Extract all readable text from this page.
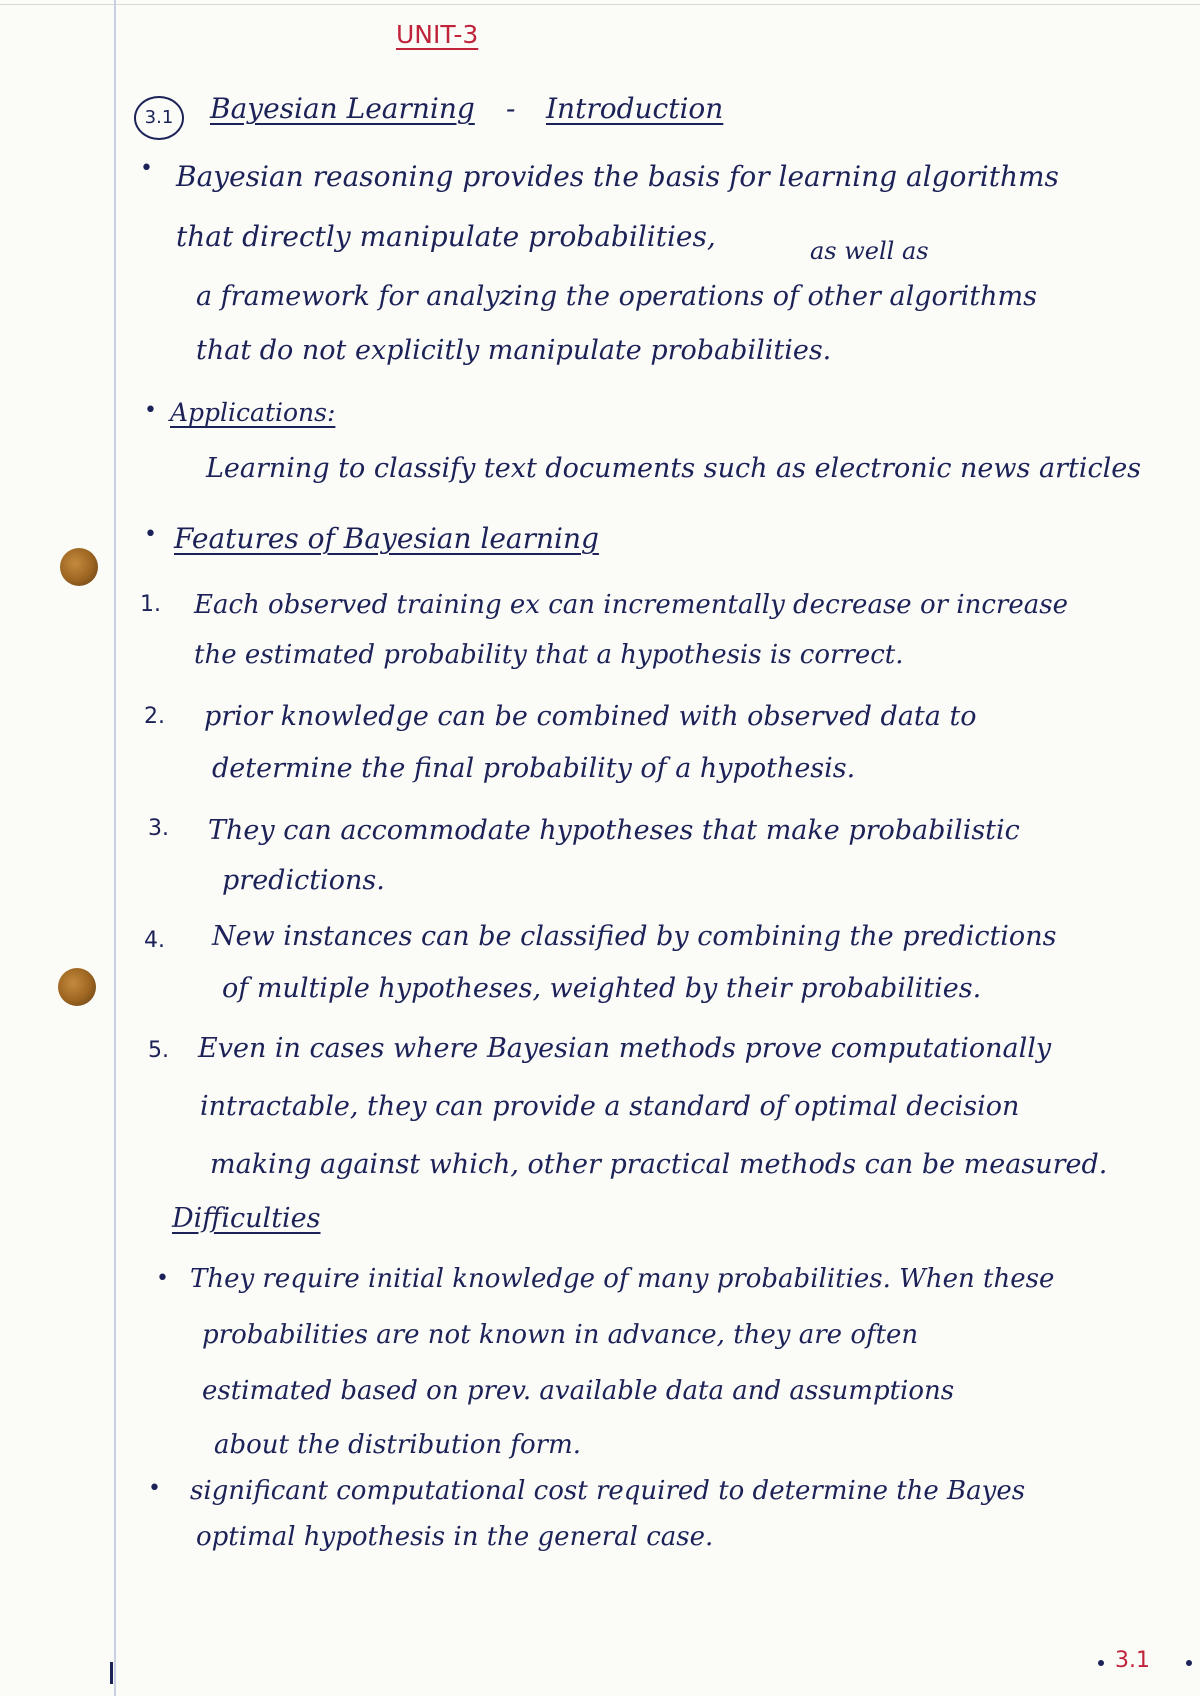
UNIT-3
3.1	Bayesian Learning - Introduction
• Bayesian reasoning provides the basis for learning algorithms
that directly manipulate probabilities,	as well as
a framework for analyzing the operations of other algorithms
that do not explicitly manipulate probabilities.
• Applications:
Learning to classify text documents such as electronic news articles
• Features of Bayesian learning
1. Each observed training ex can incrementally decrease or increase
the estimated probability that a hypothesis is correct.
2. prior knowledge can be combined with observed data to
determine the final probability of a hypothesis.
3. They can accommodate hypotheses that make probabilistic
predictions.
4. New instances can be classified by combining the predictions
of multiple hypotheses, weighted by their probabilities.
5. Even in cases where Bayesian methods prove computationally
intractable, they can provide a standard of optimal decision
making against which, other practical methods can be measured.
Difficulties
• They require initial knowledge of many probabilities. When these
probabilities are not known in advance, they are often
estimated based on prev. available data and assumptions
about the distribution form.
• significant computational cost required to determine the Bayes
optimal hypothesis in the general case.
3.1
